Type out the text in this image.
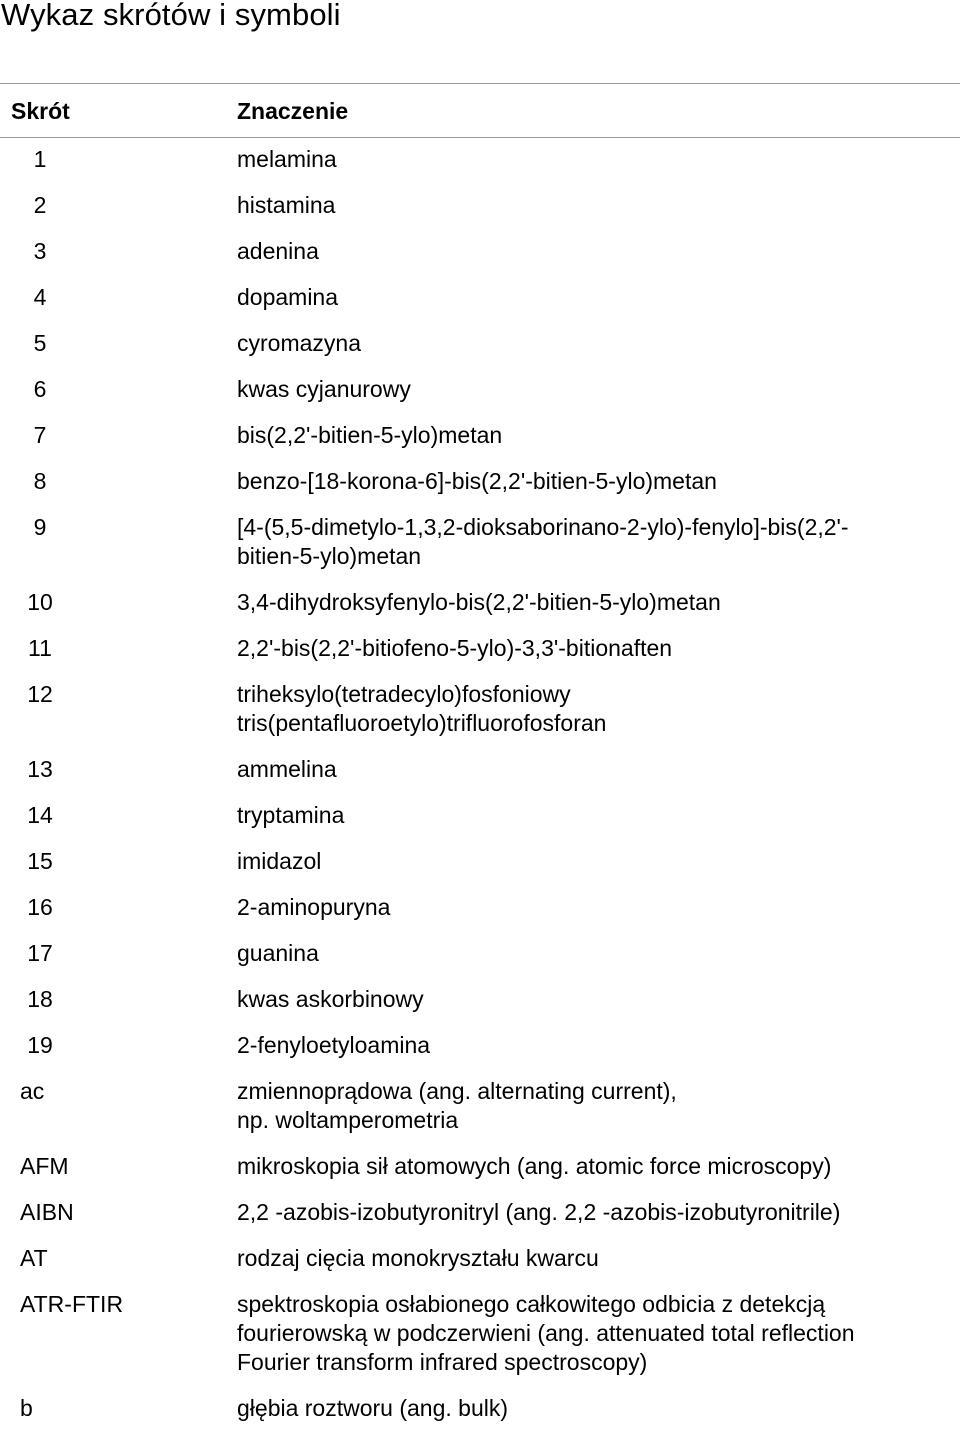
Wykaz skrótów i symboli
Skrót	Znaczenie
1	melamina
2	histamina
3	adenina
4	dopamina
5	cyromazyna
6	kwas cyjanurowy
7	bis(2,2'-bitien-5-ylo)metan
8	benzo-[18-korona-6]-bis(2,2'-bitien-5-ylo)metan
9	[4-(5,5-dimetylo-1,3,2-dioksaborinano-2-ylo)-fenylo]-bis(2,2'-
bitien-5-ylo)metan
10	3,4-dihydroksyfenylo-bis(2,2'-bitien-5-ylo)metan
11	2,2'-bis(2,2'-bitiofeno-5-ylo)-3,3'-bitionaften
12	triheksylo(tetradecylo)fosfoniowy
tris(pentafluoroetylo)trifluorofosforan
13	ammelina
14	tryptamina
15	imidazol
16	2-aminopuryna
17	guanina
18	kwas askorbinowy
19	2-fenyloetyloamina
ac	zmiennoprądowa (ang. alternating current),
np. woltamperometria
AFM	mikroskopia sił atomowych (ang. atomic force microscopy)
AIBN	2,2 -azobis-izobutyronitryl (ang. 2,2 -azobis-izobutyronitrile)
AT	rodzaj cięcia monokryształu kwarcu
ATR-FTIR	spektroskopia osłabionego całkowitego odbicia z detekcją
fourierowską w podczerwieni (ang. attenuated total reflection
Fourier transform infrared spectroscopy)
b	głębia roztworu (ang. bulk)
